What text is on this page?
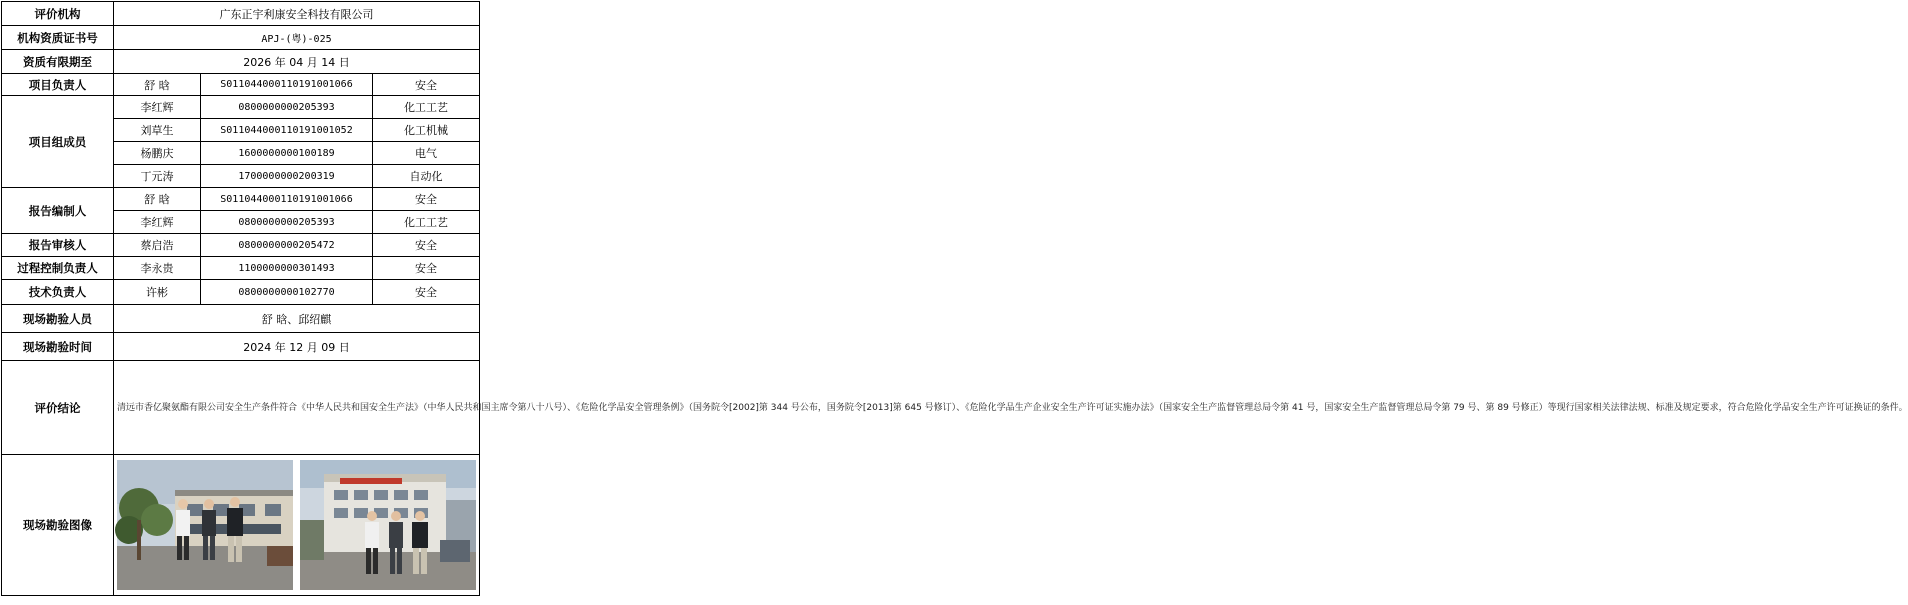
评价机构	广东正宇利康安全科技有限公司		
机构资质证书号	APJ-(粤)-025		
资质有限期至	2026 年 04 月 14 日		
项目负责人	舒 晗	S011044000110191001066	安全
项目组成员	李红辉	0800000000205393	化工工艺
	刘草生	S011044000110191001052	化工机械
	杨鹏庆	1600000000100189	电气
	丁元涛	1700000000200319	自动化
报告编制人	舒 晗	S011044000110191001066	安全
	李红辉	0800000000205393	化工工艺
报告审核人	蔡启浩	0800000000205472	安全
过程控制负责人	李永贵	1100000000301493	安全
技术负责人	许彬	0800000000102770	安全
现场勘验人员	舒 晗、邱绍麒		
现场勘验时间	2024 年 12 月 09 日		
评价结论	清远市香亿聚氨酯有限公司安全生产条件符合《中华人民共和国安全生产法》（中华人民共和国主席令第八十八号）、《危险化学品安全管理条例》（国务院令[2002]第 344 号公布，国务院令[2013]第 645 号修订）、《危险化学品生产企业安全生产许可证实施办法》（国家安全生产监督管理总局令第 41 号，国家安全生产监督管理总局令第 79 号、第 89 号修正）等现行国家相关法律法规、标准及规定要求，符合危险化学品安全生产许可证换证的条件。		
现场勘验图像	
